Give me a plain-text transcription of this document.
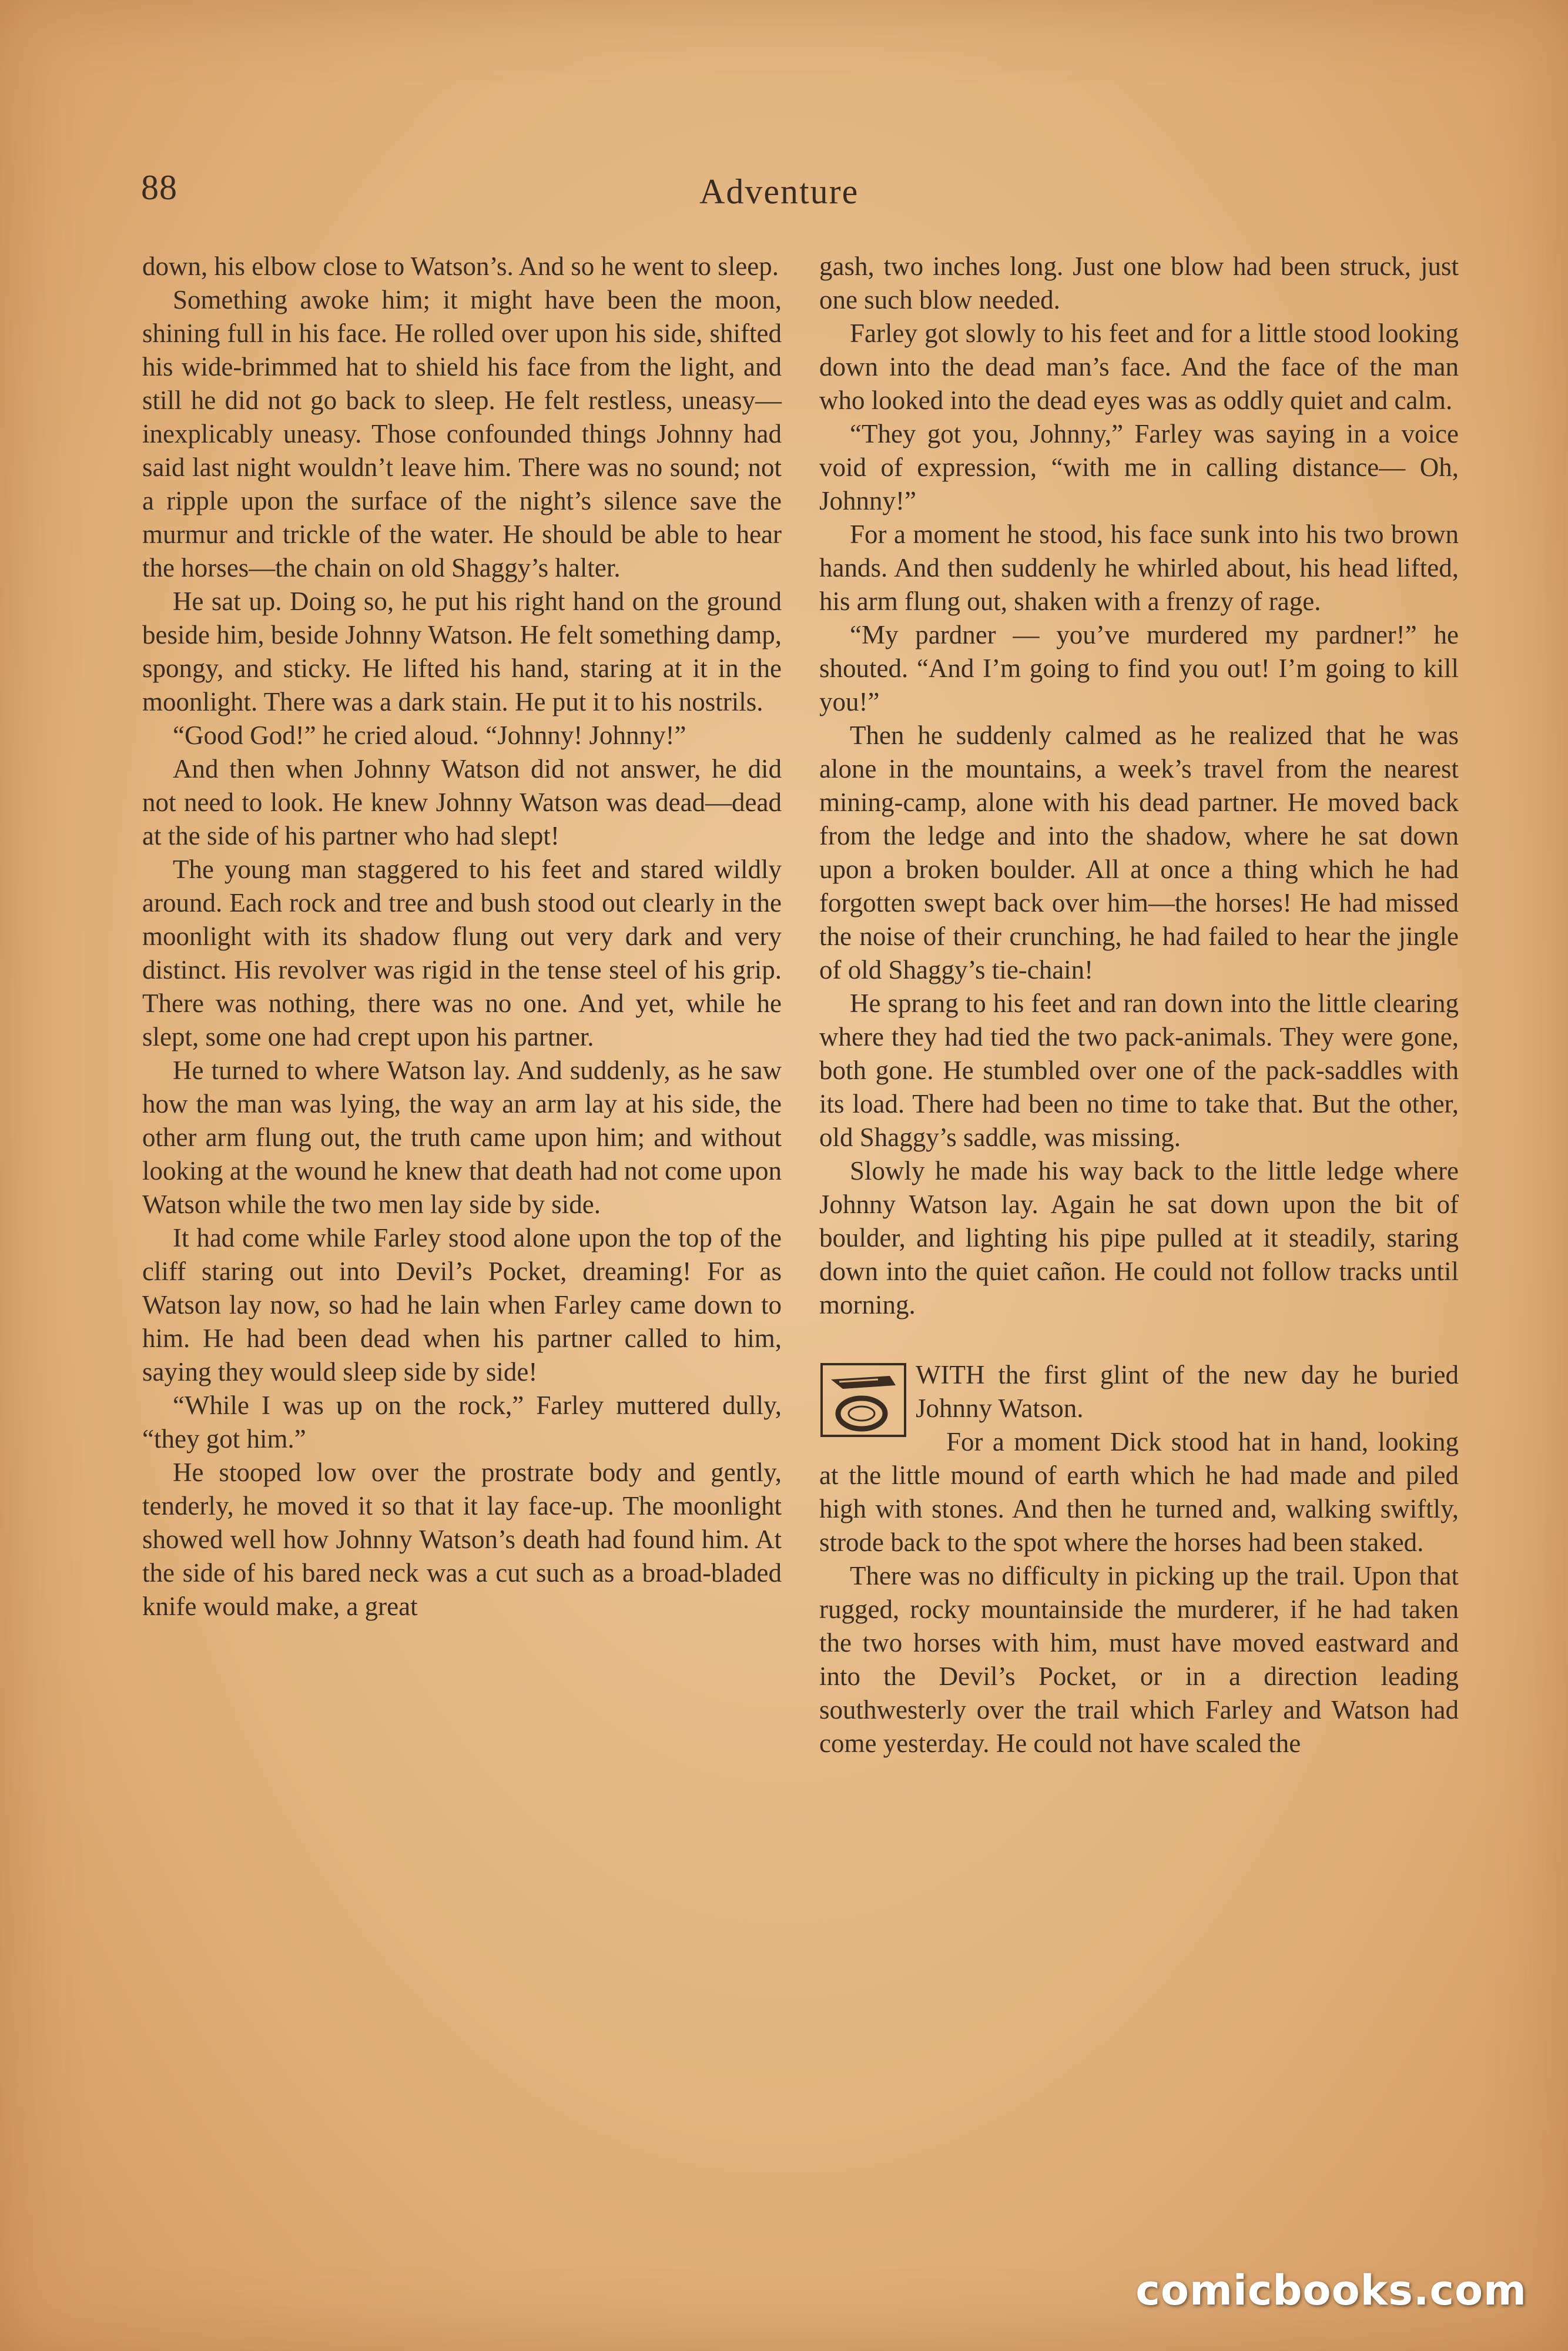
88	Adventure

down, his elbow close to Watson’s. And so he went to sleep.

Something awoke him; it might have been the moon, shining full in his face. He rolled over upon his side, shifted his wide-brimmed hat to shield his face from the light, and still he did not go back to sleep. He felt restless, uneasy—inexplicably uneasy. Those confounded things Johnny had said last night wouldn’t leave him. There was no sound; not a ripple upon the surface of the night’s silence save the murmur and trickle of the water. He should be able to hear the horses—the chain on old Shaggy’s halter.

He sat up. Doing so, he put his right hand on the ground beside him, beside Johnny Watson. He felt something damp, spongy, and sticky. He lifted his hand, staring at it in the moonlight. There was a dark stain. He put it to his nostrils.

“Good God!” he cried aloud. “Johnny! Johnny!”

And then when Johnny Watson did not answer, he did not need to look. He knew Johnny Watson was dead—dead at the side of his partner who had slept!

The young man staggered to his feet and stared wildly around. Each rock and tree and bush stood out clearly in the moonlight with its shadow flung out very dark and very distinct. His revolver was rigid in the tense steel of his grip. There was nothing, there was no one. And yet, while he slept, some one had crept upon his partner.

He turned to where Watson lay. And suddenly, as he saw how the man was lying, the way an arm lay at his side, the other arm flung out, the truth came upon him; and without looking at the wound he knew that death had not come upon Watson while the two men lay side by side.

It had come while Farley stood alone upon the top of the cliff staring out into Devil’s Pocket, dreaming! For as Watson lay now, so had he lain when Farley came down to him. He had been dead when his partner called to him, saying they would sleep side by side!

“While I was up on the rock,” Farley muttered dully, “they got him.”

He stooped low over the prostrate body and gently, tenderly, he moved it so that it lay face-up. The moonlight showed well how Johnny Watson’s death had found him. At the side of his bared neck was a cut such as a broad-bladed knife would make, a great

gash, two inches long. Just one blow had been struck, just one such blow needed.

Farley got slowly to his feet and for a little stood looking down into the dead man’s face. And the face of the man who looked into the dead eyes was as oddly quiet and calm.

“They got you, Johnny,” Farley was saying in a voice void of expression, “with me in calling distance— Oh, Johnny!”

For a moment he stood, his face sunk into his two brown hands. And then suddenly he whirled about, his head lifted, his arm flung out, shaken with a frenzy of rage.

“My pardner — you’ve murdered my pardner!” he shouted. “And I’m going to find you out! I’m going to kill you!”

Then he suddenly calmed as he realized that he was alone in the mountains, a week’s travel from the nearest mining-camp, alone with his dead partner. He moved back from the ledge and into the shadow, where he sat down upon a broken boulder. All at once a thing which he had forgotten swept back over him—the horses! He had missed the noise of their crunching, he had failed to hear the jingle of old Shaggy’s tie-chain!

He sprang to his feet and ran down into the little clearing where they had tied the two pack-animals. They were gone, both gone. He stumbled over one of the pack-saddles with its load. There had been no time to take that. But the other, old Shaggy’s saddle, was missing.

Slowly he made his way back to the little ledge where Johnny Watson lay. Again he sat down upon the bit of boulder, and lighting his pipe pulled at it steadily, staring down into the quiet cañon. He could not follow tracks until morning.

WITH the first glint of the new day he buried Johnny Watson.

For a moment Dick stood hat in hand, looking at the little mound of earth which he had made and piled high with stones. And then he turned and, walking swiftly, strode back to the spot where the horses had been staked.

There was no difficulty in picking up the trail. Upon that rugged, rocky mountainside the murderer, if he had taken the two horses with him, must have moved eastward and into the Devil’s Pocket, or in a direction leading southwesterly over the trail which Farley and Watson had come yesterday. He could not have scaled the

comicbooks.com
